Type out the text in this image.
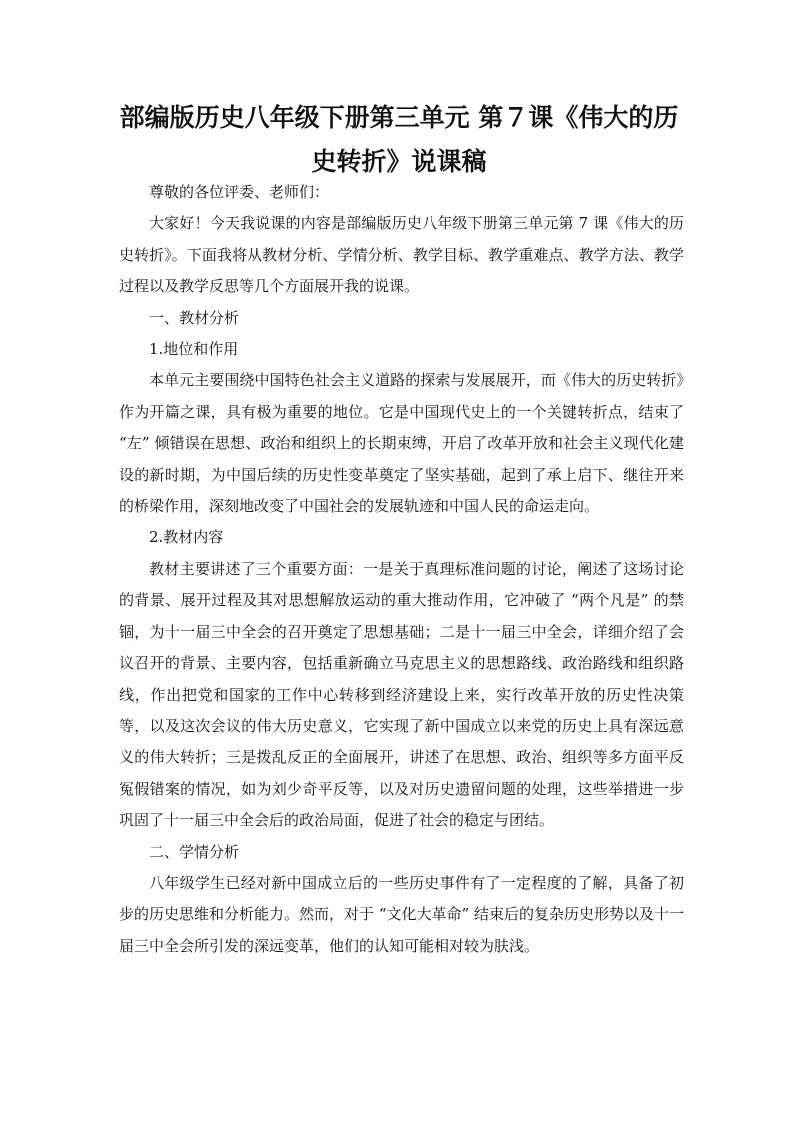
部编版历史八年级下册第三单元 第７课《伟大的历史转折》说课稿

尊敬的各位评委、老师们：

大家好！今天我说课的内容是部编版历史八年级下册第三单元第 7 课《伟大的历史转折》。下面我将从教材分析、学情分析、教学目标、教学重难点、教学方法、教学过程以及教学反思等几个方面展开我的说课。

一、教材分析

1.地位和作用

本单元主要围绕中国特色社会主义道路的探索与发展展开，而《伟大的历史转折》作为开篇之课，具有极为重要的地位。它是中国现代史上的一个关键转折点，结束了 “左” 倾错误在思想、政治和组织上的长期束缚，开启了改革开放和社会主义现代化建设的新时期，为中国后续的历史性变革奠定了坚实基础，起到了承上启下、继往开来的桥梁作用，深刻地改变了中国社会的发展轨迹和中国人民的命运走向。

2.教材内容

教材主要讲述了三个重要方面：一是关于真理标准问题的讨论，阐述了这场讨论的背景、展开过程及其对思想解放运动的重大推动作用，它冲破了 “两个凡是” 的禁锢，为十一届三中全会的召开奠定了思想基础；二是十一届三中全会，详细介绍了会议召开的背景、主要内容，包括重新确立马克思主义的思想路线、政治路线和组织路线，作出把党和国家的工作中心转移到经济建设上来，实行改革开放的历史性决策等，以及这次会议的伟大历史意义，它实现了新中国成立以来党的历史上具有深远意义的伟大转折；三是拨乱反正的全面展开，讲述了在思想、政治、组织等多方面平反冤假错案的情况，如为刘少奇平反等，以及对历史遗留问题的处理，这些举措进一步巩固了十一届三中全会后的政治局面，促进了社会的稳定与团结。

二、学情分析

八年级学生已经对新中国成立后的一些历史事件有了一定程度的了解，具备了初步的历史思维和分析能力。然而，对于 “文化大革命” 结束后的复杂历史形势以及十一届三中全会所引发的深远变革，他们的认知可能相对较为肤浅。
